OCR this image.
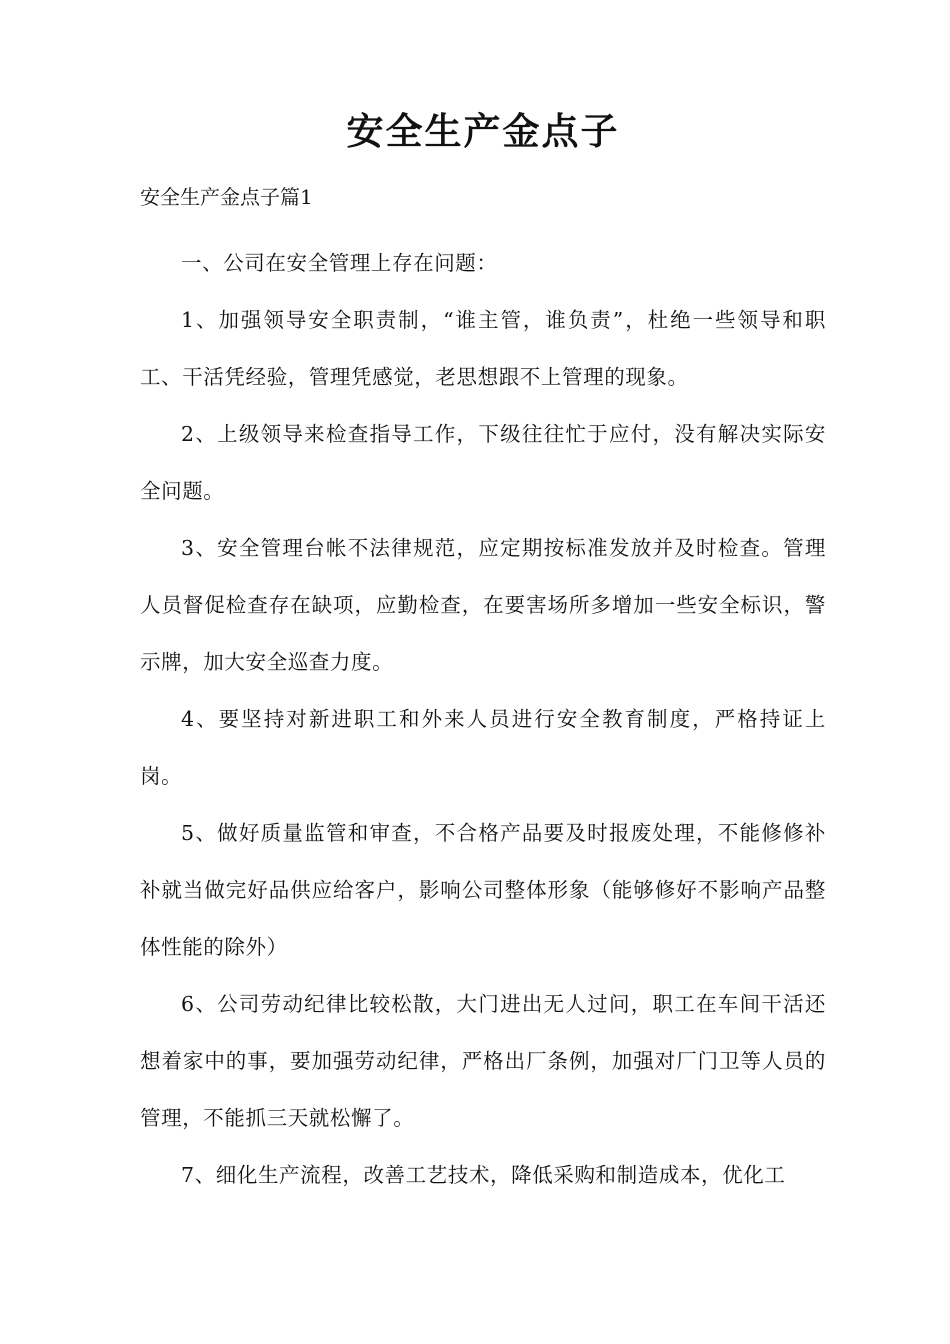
安全生产金点子

安全生产金点子篇1

一、公司在安全管理上存在问题：

1、加强领导安全职责制，“谁主管，谁负责”，杜绝一些领导和职工、干活凭经验，管理凭感觉，老思想跟不上管理的现象。

2、上级领导来检查指导工作，下级往往忙于应付，没有解决实际安全问题。

3、安全管理台帐不法律规范，应定期按标准发放并及时检查。管理人员督促检查存在缺项，应勤检查，在要害场所多增加一些安全标识，警示牌，加大安全巡查力度。

4、要坚持对新进职工和外来人员进行安全教育制度，严格持证上岗。

5、做好质量监管和审查，不合格产品要及时报废处理，不能修修补补就当做完好品供应给客户，影响公司整体形象（能够修好不影响产品整体性能的除外）

6、公司劳动纪律比较松散，大门进出无人过问，职工在车间干活还想着家中的事，要加强劳动纪律，严格出厂条例，加强对厂门卫等人员的管理，不能抓三天就松懈了。

7、细化生产流程，改善工艺技术，降低采购和制造成本，优化工
